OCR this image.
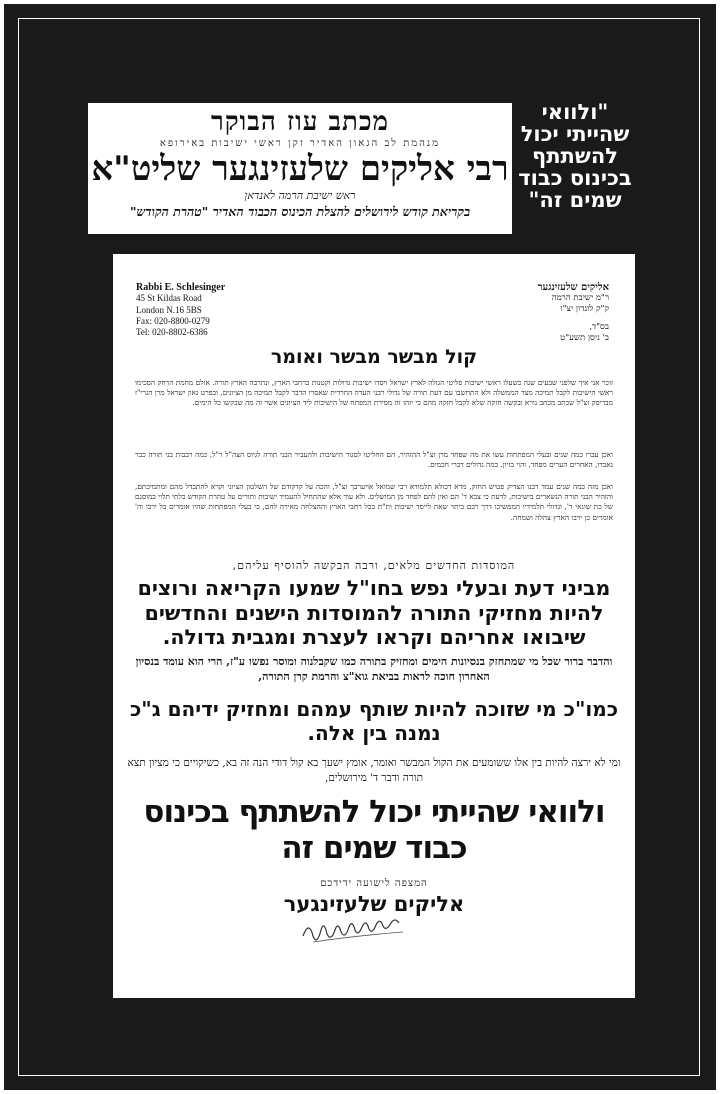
מכתב עוז הבוקר
מנהמת לב הגאון האדיר זקן ראשי ישיבות באירופא
רבי אליקים שלעזינגער שליט"א
ראש ישיבת הרמה לאנדאן
בקריאת קודש לירושלים להצלת הכינוס הכבוד האדיר "טהרת הקודש"
"ולוואי
שהייתי יכול
להשתתף
בכינוס כבוד
שמים זה"
Rabbi E. Schlesinger
45 St Kildas Road
London N.16 5BS
Fax: 020-8800-0279
Tel: 020-8802-6386
אליקים שלעזינגער
ר"מ ישיבת הרמה
ק"ק לונדון יצ"ו
בס"ד,
ב' ניסן תשע"ט
קול מבשר מבשר ואומר
זוכר אני איך שלפני שבעים שנה כשעלו ראשי ישיבות פליטי הגולה לארץ ישראל ויסדו ישיבות גדולות וקטנות ברחבי הארץ, ונתרבה הארץ תורה. אולם מחמת הרחק הסכימו ראשי הישיבות לקבל תמיכה מצד הממשלה ולא התחשבו עם דעת תורה של גדולי רבני העדה החרדית שאסרו הדבר לקבל תמיכה מן הציונים, ובפרט גאון ישראל מרן הגרי"ז מבריסק זצ"ל שכתב מכתב נורא ובקשה חזקה שלא לקבל חזקה מהם כי יזהו זה מסירת המפתח של הישיבות ליד הציונים אשר זה מה שבקשו כל הימים.
ואכן עברו כמה שנים ובעלי המפתחות עשו את מה שפחד מרן זצ"ל ההזהיר, הם החליטו לסגור הישיבות ולהעביר הבני תורה לגיוס הצה"ל ר"ל, כמה רבבות בני תורה כבר נאבדו, האחרים הערים מפחד, והוי בזיון. כמה גדולים דברי חכמים.
ואכן מזה כמה שנים עמד רבנו הצדיק פטיש החזק, מרא דכולא תלמודא רבי שמואל אויערבך זצ"ל, והכה על קדקודם של השלטון הציוני וקרא להתבדל מהם ומתמיכתם, והזהיר הבני תורה הנשארים בישיבות, לדעת כי צבא ד' הם ואין להם לפחד מן המושלים. ולא עוד אלא שהתחיל להעמיד ישיבות ותורים על טהרת הקודש בלתי תלוי במוסגם של כת שונאי ד', וגדולי תלמידיו הממשיכו דרך רבם ביתר שאת לייסד ישיבות ות"ת בכל רחבי הארץ וההצלחה מאירה להם, כי בעלי המפתחות שהיו אומרים בל ירבו וה' אומרים כן ירבו הארץ צהלה ושמחה.
המוסדות החדשים מלאים, ורבה הבקשה להוסיף עליהם,
מביני דעת ובעלי נפש בחו"ל שמעו הקריאה ורוצים להיות מחזיקי התורה להמוסדות הישנים והחדשים שיבואו אחריהם וקראו לעצרת ומגבית גדולה.
והדבר ברור שכל מי שמתחזק בנסיונות הימים ומחזיק בתורה כמו שקבלנוה ומוסר נפשו ע"ז, הרי הוא עומד בנסיון האחרון חוכה לראות בביאת גוא"צ והרמת קרן התורה,
כמו"כ מי שזוכה להיות שותף עמהם ומחזיק ידיהם ג"כ נמנה בין אלה.
ומי לא ירצה להיות בין אלו ששומעים את הקול המבשר ואומר, אומץ ישעך בא קול דודי הנה זה בא, כשיקויים כי מציון תצא תורה ודבר ד' מירושלים,
ולוואי שהייתי יכול להשתתף בכינוס כבוד שמים זה
המצפה לישועה ידידכם
אליקים שלעזינגער
